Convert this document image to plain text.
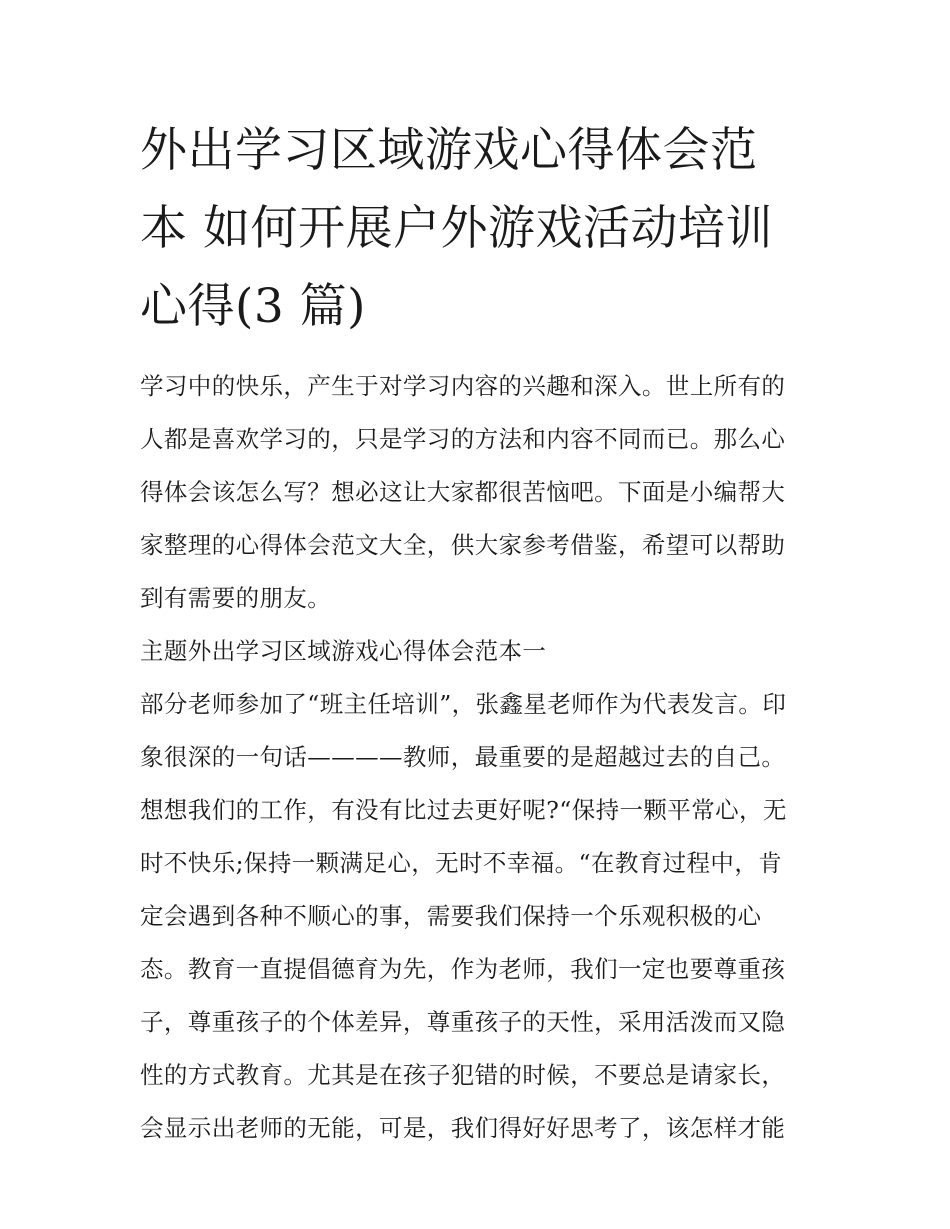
外出学习区域游戏心得体会范
本 如何开展户外游戏活动培训
心得(3 篇)

学习中的快乐，产生于对学习内容的兴趣和深入。世上所有的
人都是喜欢学习的，只是学习的方法和内容不同而已。那么心
得体会该怎么写？想必这让大家都很苦恼吧。下面是小编帮大
家整理的心得体会范文大全，供大家参考借鉴，希望可以帮助
到有需要的朋友。

主题外出学习区域游戏心得体会范本一

部分老师参加了“班主任培训”，张鑫星老师作为代表发言。印
象很深的一句话————教师，最重要的是超越过去的自己。
想想我们的工作，有没有比过去更好呢?“保持一颗平常心，无
时不快乐;保持一颗满足心，无时不幸福。“在教育过程中，肯
定会遇到各种不顺心的事，需要我们保持一个乐观积极的心
态。教育一直提倡德育为先，作为老师，我们一定也要尊重孩
子，尊重孩子的个体差异，尊重孩子的天性，采用活泼而又隐
性的方式教育。尤其是在孩子犯错的时候，不要总是请家长，
会显示出老师的无能，可是，我们得好好思考了，该怎样才能
